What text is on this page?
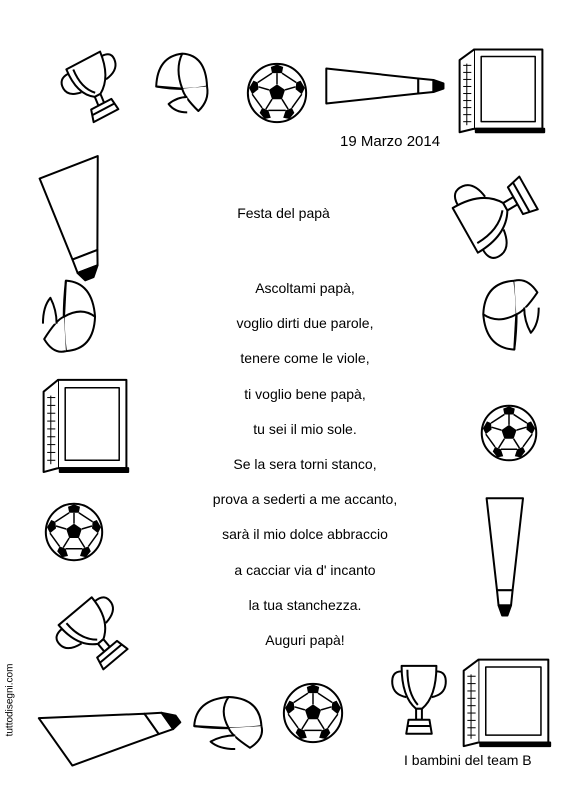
19 Marzo 2014
Festa del papà
Ascoltami papà,
voglio dirti due parole,
tenere come le viole,
ti voglio bene papà,
tu sei il mio sole.
Se la sera torni stanco,
prova a sederti a me accanto,
sarà il mio dolce abbraccio
a cacciar via d' incanto
la tua stanchezza.
Auguri papà!
I bambini del team B
tuttodisegni.com
